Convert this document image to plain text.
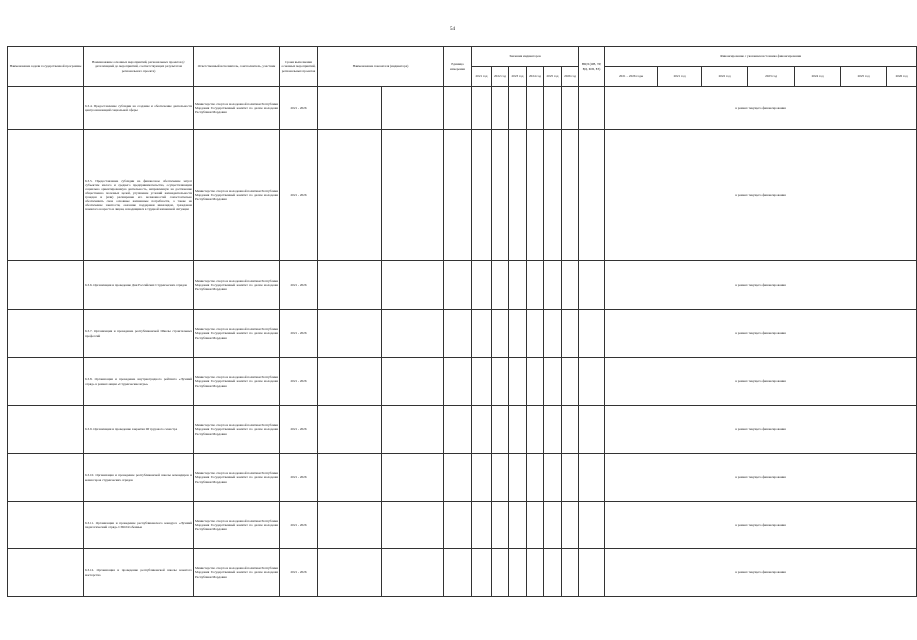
54
Наименование задачи государственной программы	Наименование основных мероприятий, региональных проектов (с детализацией до мероприятий, соответствующих результатам регионального проекта)	Ответственный исполнитель, соисполнитель, участник	Сроки выполнения основных мероприятий, региональных проектов	Наименование показателя (индикатора)		Единица измерения	Значения индикаторов						ВЦП (ОВ, ТР, ВД, МП, ЕЗ)	Финансирование с указанием источника финансирования						
							2021 год	2022 год	2023 год	2024 год	2025 год	2026 год		2021 – 2026 годы	2021 год	2022 год	2023 год	2024 год	2025 год	2026 год
	6.3.4. Предоставление субсидии на создание и обеспечение деятельности центра инноваций социальной сферы	Министерство спорта и молодежной политики Республики Мордовия Государственный комитет по делам молодежи Республики Мордовия	2021 - 2026											в рамках текущего финансирования						
	6.3.5. Предоставление субсидии на финансовое обеспечение затрат субъектам малого и среднего предпринимательства, осуществляющим социально ориентированную деятельность, направленную на достижение общественно полезных целей, улучшение условий жизнедеятельности граждан и (или) расширение его возможностей самостоятельно обеспечивать свои основные жизненные потребности, а также на обеспечение занятости, оказание поддержки инвалидам, гражданам пожилого возраста и лицам, находящимся в трудной жизненной ситуации	Министерство спорта и молодежной политики Республики Мордовия Государственный комитет по делам молодежи Республики Мордовия	2021 - 2026											в рамках текущего финансирования						
	6.3.6. Организация и проведение Дня Российских Студенческих отрядов	Министерство спорта и молодежной политики Республики Мордовия Государственный комитет по делам молодежи Республики Мордовия	2021 - 2026											в рамках текущего финансирования						
	6.3.7. Организация и проведение республиканской Школы строительных профессий	Министерство спорта и молодежной политики Республики Мордовия Государственный комитет по делам молодежи Республики Мордовия	2021 - 2026											в рамках текущего финансирования						
	6.3.8. Организация и проведение внутриотрядного рейтинга «Лучший отряд» в рамках акции «Студенческие игры»	Министерство спорта и молодежной политики Республики Мордовия Государственный комитет по делам молодежи Республики Мордовия	2021 - 2026											в рамках текущего финансирования						
	6.3.9. Организация и проведение закрытия Ш трудового семестра	Министерство спорта и молодежной политики Республики Мордовия Государственный комитет по делам молодежи Республики Мордовия	2021 - 2026											в рамках текущего финансирования						
	6.3.10. Организация и проведение республиканской школы командиров и комиссаров студенческих отрядов	Министерство спорта и молодежной политики Республики Мордовия Государственный комитет по делам молодежи Республики Мордовия	2021 - 2026											в рамках текущего финансирования						
	6.3.11. Организация и проведение республиканского конкурса «Лучший педагогический отряд» СПО/Особенные	Министерство спорта и молодежной политики Республики Мордовия Государственный комитет по делам молодежи Республики Мордовия	2021 - 2026											в рамках текущего финансирования						
	6.3.12. Организация и проведение республиканской школы вожатого мастерства	Министерство спорта и молодежной политики Республики Мордовия Государственный комитет по делам молодежи Республики Мордовия	2021 - 2026											в рамках текущего финансирования						
